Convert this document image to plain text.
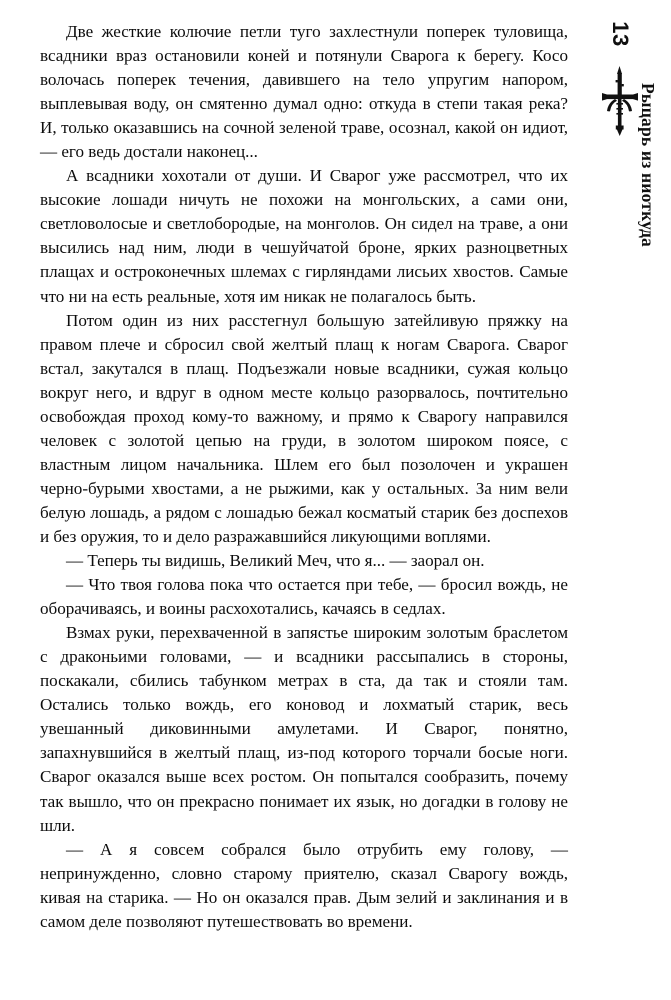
Две жесткие колючие петли туго захлестнули поперек туловища, всадники враз остановили коней и потянули Сварога к берегу. Косо волочась поперек течения, давившего на тело упругим напором, выплевывая воду, он смятенно думал одно: откуда в степи такая река? И, только оказавшись на сочной зеленой траве, осознал, какой он идиот, — его ведь достали наконец...

А всадники хохотали от души. И Сварог уже рассмотрел, что их высокие лошади ничуть не похожи на монгольских, а сами они, светловолосые и светлобородые, на монголов. Он сидел на траве, а они высились над ним, люди в чешуйчатой броне, ярких разноцветных плащах и остроконечных шлемах с гирляндами лисьих хвостов. Самые что ни на есть реальные, хотя им никак не полагалось быть.

Потом один из них расстегнул большую затейливую пряжку на правом плече и сбросил свой желтый плащ к ногам Сварога. Сварог встал, закутался в плащ. Подъезжали новые всадники, сужая кольцо вокруг него, и вдруг в одном месте кольцо разорвалось, почтительно освобождая проход кому-то важному, и прямо к Сварогу направился человек с золотой цепью на груди, в золотом широком поясе, с властным лицом начальника. Шлем его был позолочен и украшен черно-бурыми хвостами, а не рыжими, как у остальных. За ним вели белую лошадь, а рядом с лошадью бежал косматый старик без доспехов и без оружия, то и дело разражавшийся ликующими воплями.

— Теперь ты видишь, Великий Меч, что я... — заорал он.

— Что твоя голова пока что остается при тебе, — бросил вождь, не оборачиваясь, и воины расхохотались, качаясь в седлах.

Взмах руки, перехваченной в запястье широким золотым браслетом с драконьими головами, — и всадники рассыпались в стороны, поскакали, сбились табунком метрах в ста, да так и стояли там. Остались только вождь, его коновод и лохматый старик, весь увешанный диковинными амулетами. И Сварог, понятно, запахнувшийся в желтый плащ, из-под которого торчали босые ноги. Сварог оказался выше всех ростом. Он попытался сообразить, почему так вышло, что он прекрасно понимает их язык, но догадки в голову не шли.

— А я совсем собрался было отрубить ему голову, — непринужденно, словно старому приятелю, сказал Сварогу вождь, кивая на старика. — Но он оказался прав. Дым зелий и заклинания и в самом деле позволяют путешествовать во времени.

13
Рыцарь из ниоткуда
